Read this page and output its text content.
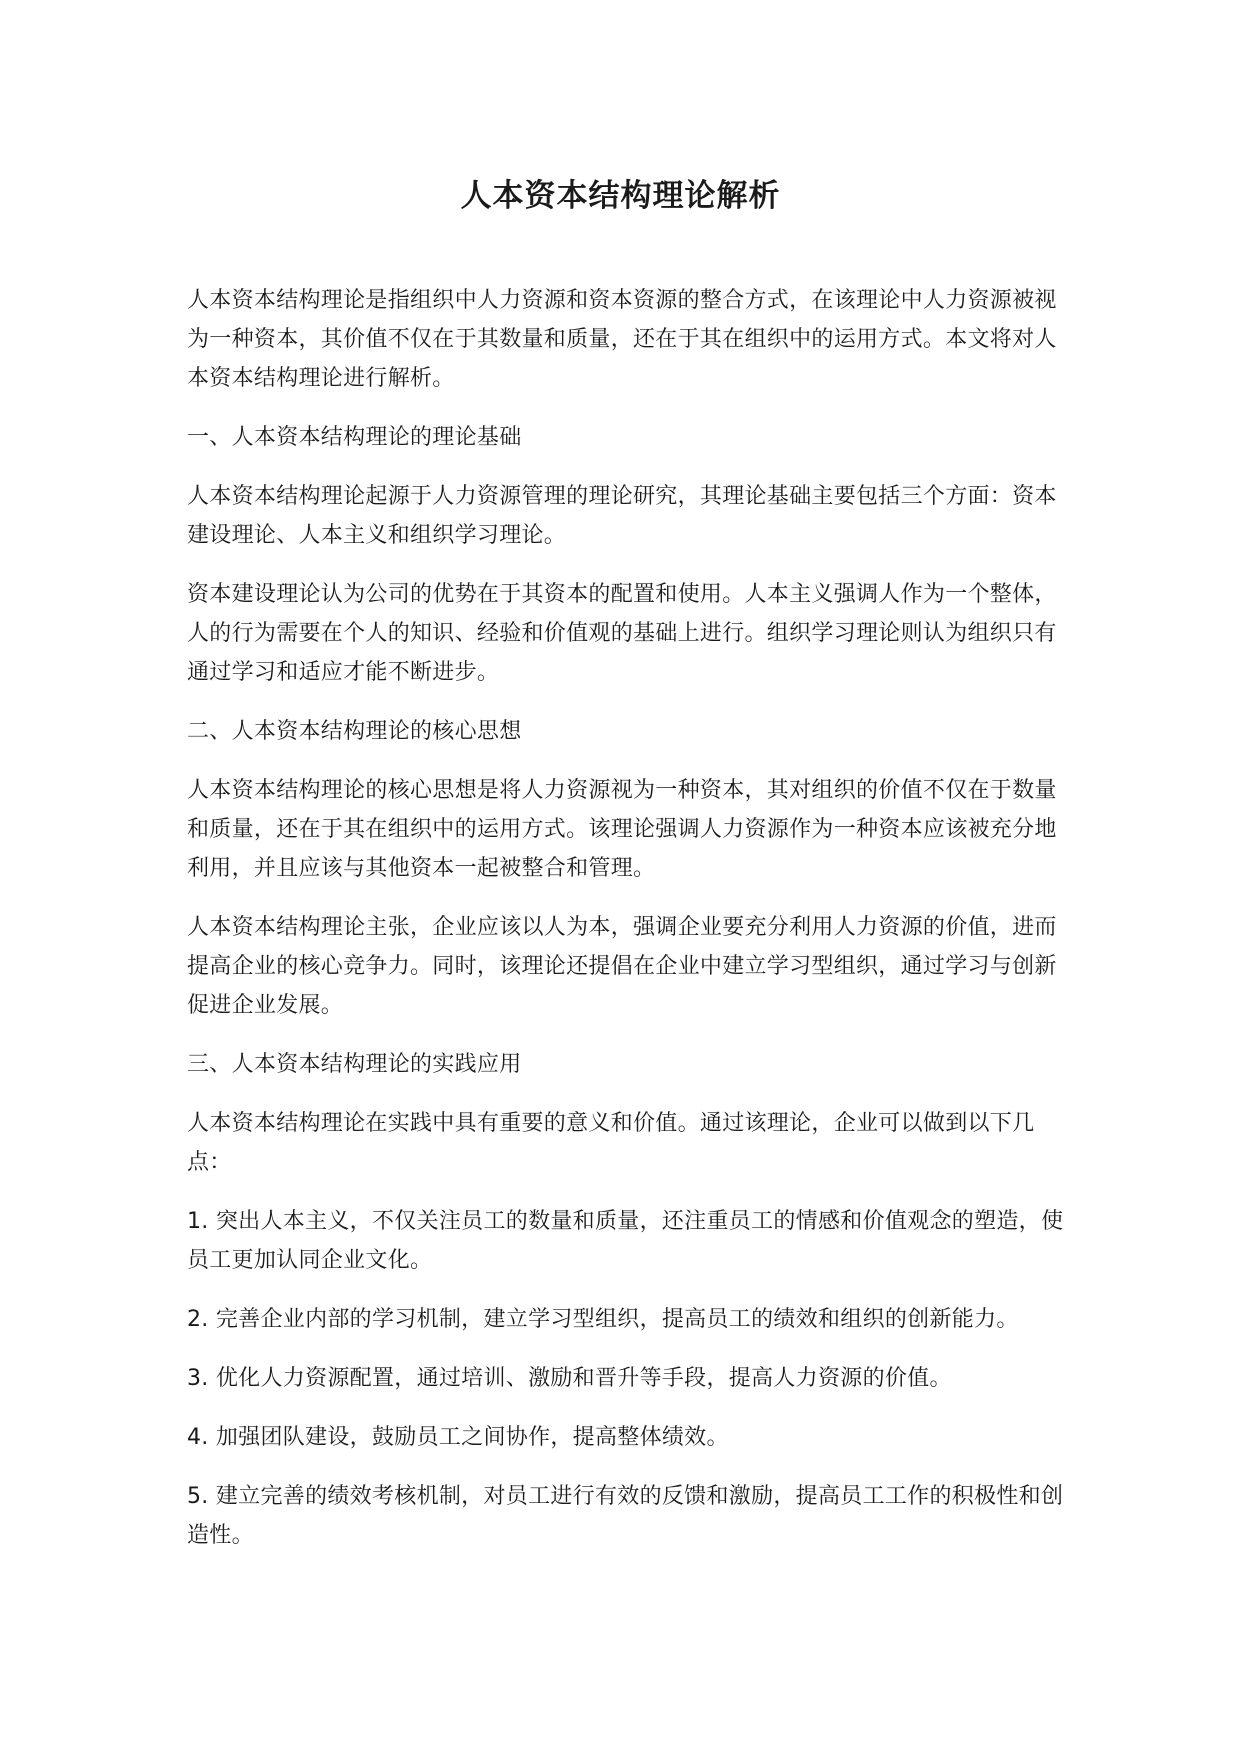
人本资本结构理论解析

人本资本结构理论是指组织中人力资源和资本资源的整合方式，在该理论中人力资源被视为一种资本，其价值不仅在于其数量和质量，还在于其在组织中的运用方式。本文将对人本资本结构理论进行解析。

一、人本资本结构理论的理论基础

人本资本结构理论起源于人力资源管理的理论研究，其理论基础主要包括三个方面：资本建设理论、人本主义和组织学习理论。

资本建设理论认为公司的优势在于其资本的配置和使用。人本主义强调人作为一个整体，人的行为需要在个人的知识、经验和价值观的基础上进行。组织学习理论则认为组织只有通过学习和适应才能不断进步。

二、人本资本结构理论的核心思想

人本资本结构理论的核心思想是将人力资源视为一种资本，其对组织的价值不仅在于数量和质量，还在于其在组织中的运用方式。该理论强调人力资源作为一种资本应该被充分地利用，并且应该与其他资本一起被整合和管理。

人本资本结构理论主张，企业应该以人为本，强调企业要充分利用人力资源的价值，进而提高企业的核心竞争力。同时，该理论还提倡在企业中建立学习型组织，通过学习与创新促进企业发展。

三、人本资本结构理论的实践应用

人本资本结构理论在实践中具有重要的意义和价值。通过该理论，企业可以做到以下几点：

1. 突出人本主义，不仅关注员工的数量和质量，还注重员工的情感和价值观念的塑造，使员工更加认同企业文化。

2. 完善企业内部的学习机制，建立学习型组织，提高员工的绩效和组织的创新能力。

3. 优化人力资源配置，通过培训、激励和晋升等手段，提高人力资源的价值。

4. 加强团队建设，鼓励员工之间协作，提高整体绩效。

5. 建立完善的绩效考核机制，对员工进行有效的反馈和激励，提高员工工作的积极性和创造性。
